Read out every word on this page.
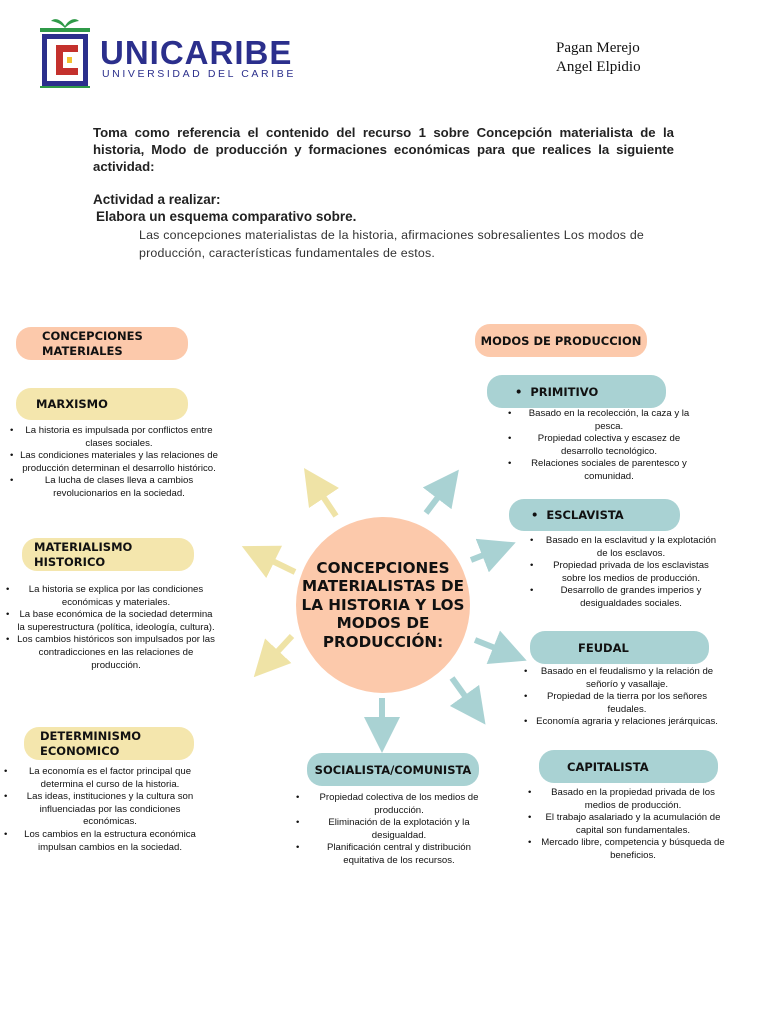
UNICARIBE
UNIVERSIDAD DEL CARIBE
Pagan Merejo
Angel Elpidio
Toma como referencia el contenido del recurso 1 sobre Concepción materialista de la historia, Modo de producción y formaciones económicas para que realices la siguiente actividad:
Actividad a realizar:
Elabora un esquema comparativo sobre.
Las concepciones materialistas de la historia, afirmaciones sobresalientes Los modos de producción, características fundamentales de estos.
CONCEPCIONES MATERIALISTAS DE LA HISTORIA Y LOS MODOS DE PRODUCCIÓN:
CONCEPCIONES MATERIALES
MARXISMO
• La historia es impulsada por conflictos entre clases sociales.
• Las condiciones materiales y las relaciones de producción determinan el desarrollo histórico.
• La lucha de clases lleva a cambios revolucionarios en la sociedad.
MATERIALISMO HISTORICO
• La historia se explica por las condiciones económicas y materiales.
• La base económica de la sociedad determina la superestructura (política, ideología, cultura).
• Los cambios históricos son impulsados por las contradicciones en las relaciones de producción.
DETERMINISMO ECONOMICO
• La economía es el factor principal que determina el curso de la historia.
• Las ideas, instituciones y la cultura son influenciadas por las condiciones económicas.
• Los cambios en la estructura económica impulsan cambios en la sociedad.
SOCIALISTA/COMUNISTA
• Propiedad colectiva de los medios de producción.
• Eliminación de la explotación y la desigualdad.
• Planificación central y distribución equitativa de los recursos.
MODOS DE PRODUCCION
•  PRIMITIVO
• Basado en la recolección, la caza y la pesca.
• Propiedad colectiva y escasez de desarrollo tecnológico.
• Relaciones sociales de parentesco y comunidad.
•  ESCLAVISTA
• Basado en la esclavitud y la explotación de los esclavos.
• Propiedad privada de los esclavistas sobre los medios de producción.
• Desarrollo de grandes imperios y desigualdades sociales.
FEUDAL
• Basado en el feudalismo y la relación de señorío y vasallaje.
• Propiedad de la tierra por los señores feudales.
• Economía agraria y relaciones jerárquicas.
CAPITALISTA
• Basado en la propiedad privada de los medios de producción.
• El trabajo asalariado y la acumulación de capital son fundamentales.
• Mercado libre, competencia y búsqueda de beneficios.
